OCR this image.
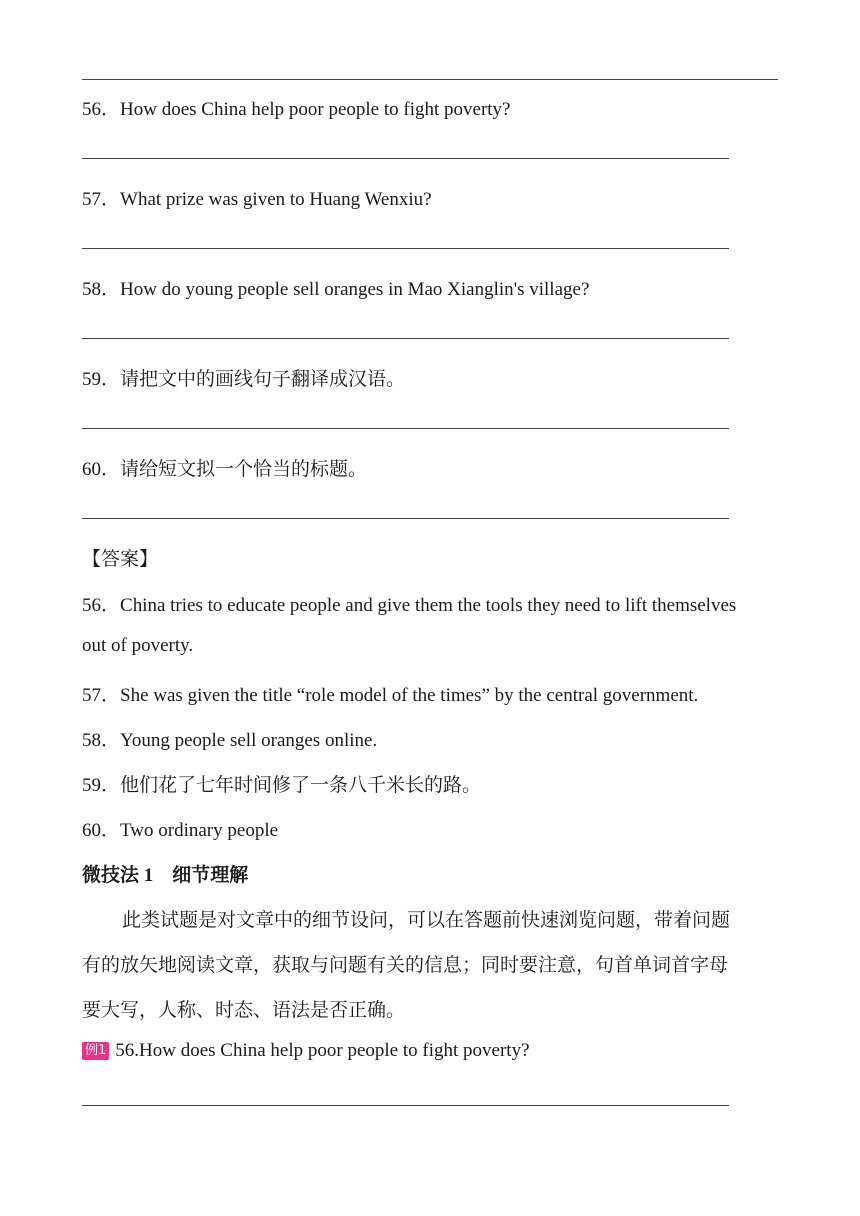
56．How does China help poor people to fight poverty?
57．What prize was given to Huang Wenxiu?
58．How do young people sell oranges in Mao Xianglin's village?
59．请把文中的画线句子翻译成汉语。
60．请给短文拟一个恰当的标题。
【答案】
56．China tries to educate people and give them the tools they need to lift themselves
out of poverty.
57．She was given the title “role model of the times” by the central government.
58．Young people sell oranges online.
59．他们花了七年时间修了一条八千米长的路。
60．Two ordinary people
微技法 1　细节理解
此类试题是对文章中的细节设问，可以在答题前快速浏览问题，带着问题
有的放矢地阅读文章，获取与问题有关的信息；同时要注意，句首单词首字母
要大写，人称、时态、语法是否正确。
例1 56.How does China help poor people to fight poverty?
